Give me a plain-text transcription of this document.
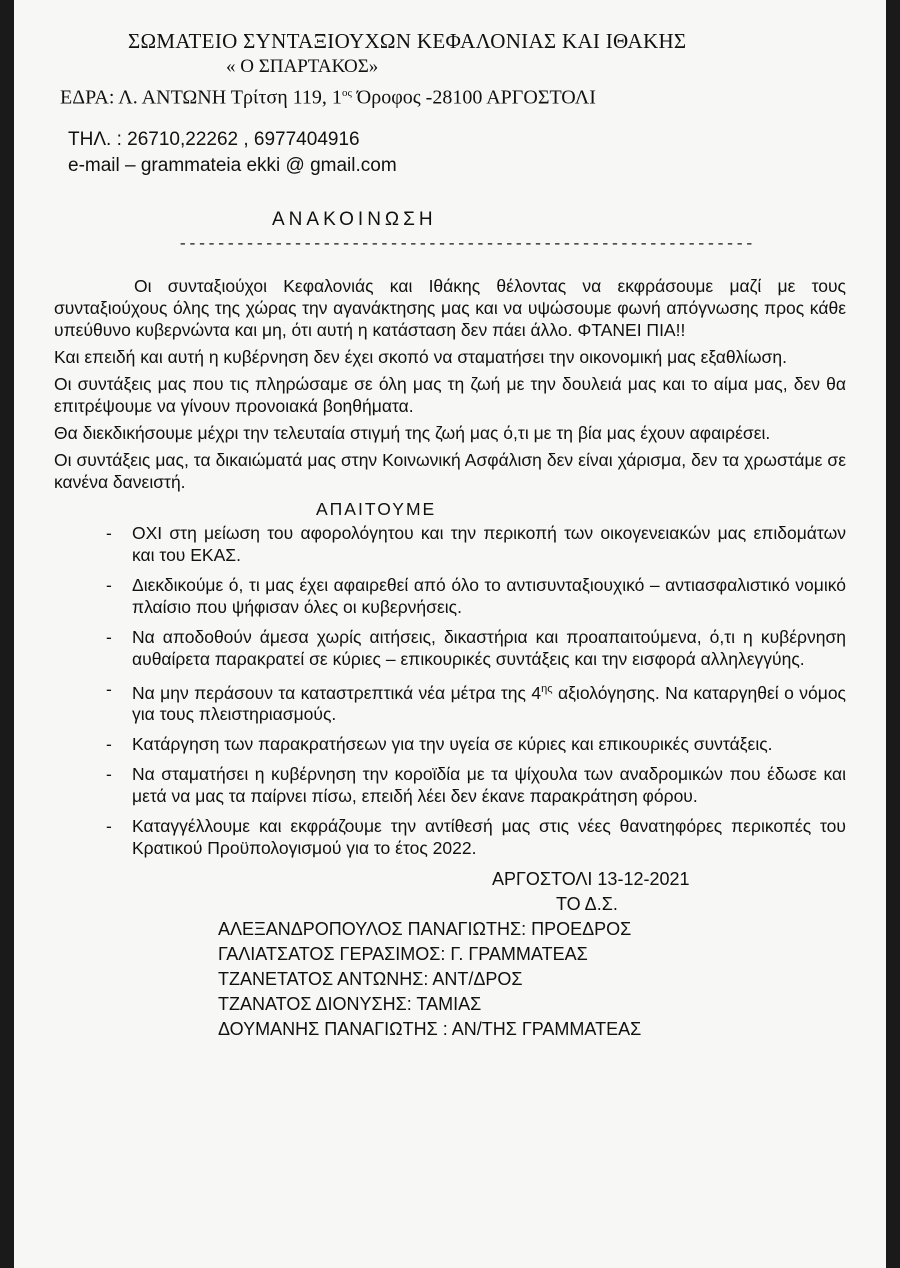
ΣΩΜΑΤΕΙΟ ΣΥΝΤΑΞΙΟΥΧΩΝ ΚΕΦΑΛΟΝΙΑΣ ΚΑΙ ΙΘΑΚΗΣ
« Ο ΣΠΑΡΤΑΚΟΣ»
ΕΔΡΑ: Λ. ΑΝΤΩΝΗ Τρίτση 119, $1^{o\varsigma}$ Όροφος -28100 ΑΡΓΟΣΤΟΛΙ
ΤΗΛ. : 26710,22262 , 6977404916
e-mail – grammateia ekki @ gmail.com
ΑΝΑΚΟΙΝΩΣΗ
------------------------------------------------------------

Οι συνταξιούχοι Κεφαλονιάς και Ιθάκης θέλοντας να εκφράσουμε μαζί με τους συνταξιούχους όλης της χώρας την αγανάκτησης μας και να υψώσουμε φωνή απόγνωσης προς κάθε υπεύθυνο κυβερνώντα και μη, ότι αυτή η κατάσταση δεν πάει άλλο. ΦΤΑΝΕΙ ΠΙΑ!!

Και επειδή και αυτή η κυβέρνηση δεν έχει σκοπό να σταματήσει την οικονομική μας εξαθλίωση.

Οι συντάξεις μας που τις πληρώσαμε σε όλη μας τη ζωή με την δουλειά μας και το αίμα μας, δεν θα επιτρέψουμε να γίνουν προνοιακά βοηθήματα.

Θα διεκδικήσουμε μέχρι την τελευταία στιγμή της ζωή μας ό,τι με τη βία μας έχουν αφαιρέσει.

Οι συντάξεις μας, τα δικαιώματά μας στην Κοινωνική Ασφάλιση δεν είναι χάρισμα, δεν τα χρωστάμε σε κανένα δανειστή.

ΑΠΑΙΤΟΥΜΕ
- ΟΧΙ στη μείωση του αφορολόγητου και την περικοπή των οικογενειακών μας επιδομάτων και του ΕΚΑΣ.
- Διεκδικούμε ό, τι μας έχει αφαιρεθεί από όλο το αντισυνταξιουχικό – αντιασφαλιστικό νομικό πλαίσιο που ψήφισαν όλες οι κυβερνήσεις.
- Να αποδοθούν άμεσα χωρίς αιτήσεις, δικαστήρια και προαπαιτούμενα, ό,τι η κυβέρνηση αυθαίρετα παρακρατεί σε κύριες – επικουρικές συντάξεις και την εισφορά αλληλεγγύης.
- Να μην περάσουν τα καταστρεπτικά νέα μέτρα της $4^{\eta\varsigma}$ αξιολόγησης. Να καταργηθεί ο νόμος για τους πλειστηριασμούς.
- Κατάργηση των παρακρατήσεων για την υγεία σε κύριες και επικουρικές συντάξεις.
- Να σταματήσει η κυβέρνηση την κοροϊδία με τα ψίχουλα των αναδρομικών που έδωσε και μετά να μας τα παίρνει πίσω, επειδή λέει δεν έκανε παρακράτηση φόρου.
- Καταγγέλλουμε και εκφράζουμε την αντίθεσή μας στις νέες θανατηφόρες περικοπές του Κρατικού Προϋπολογισμού για το έτος 2022.
ΑΡΓΟΣΤΟΛΙ 13-12-2021
ΤΟ Δ.Σ.
ΑΛΕΞΑΝΔΡΟΠΟΥΛΟΣ ΠΑΝΑΓΙΩΤΗΣ: ΠΡΟΕΔΡΟΣ
ΓΑΛΙΑΤΣΑΤΟΣ ΓΕΡΑΣΙΜΟΣ: Γ. ΓΡΑΜΜΑΤΕΑΣ
ΤΖΑΝΕΤΑΤΟΣ ΑΝΤΩΝΗΣ: ΑΝΤ/ΔΡΟΣ
ΤΖΑΝΑΤΟΣ ΔΙΟΝΥΣΗΣ: ΤΑΜΙΑΣ
ΔΟΥΜΑΝΗΣ ΠΑΝΑΓΙΩΤΗΣ : ΑΝ/ΤΗΣ ΓΡΑΜΜΑΤΕΑΣ
